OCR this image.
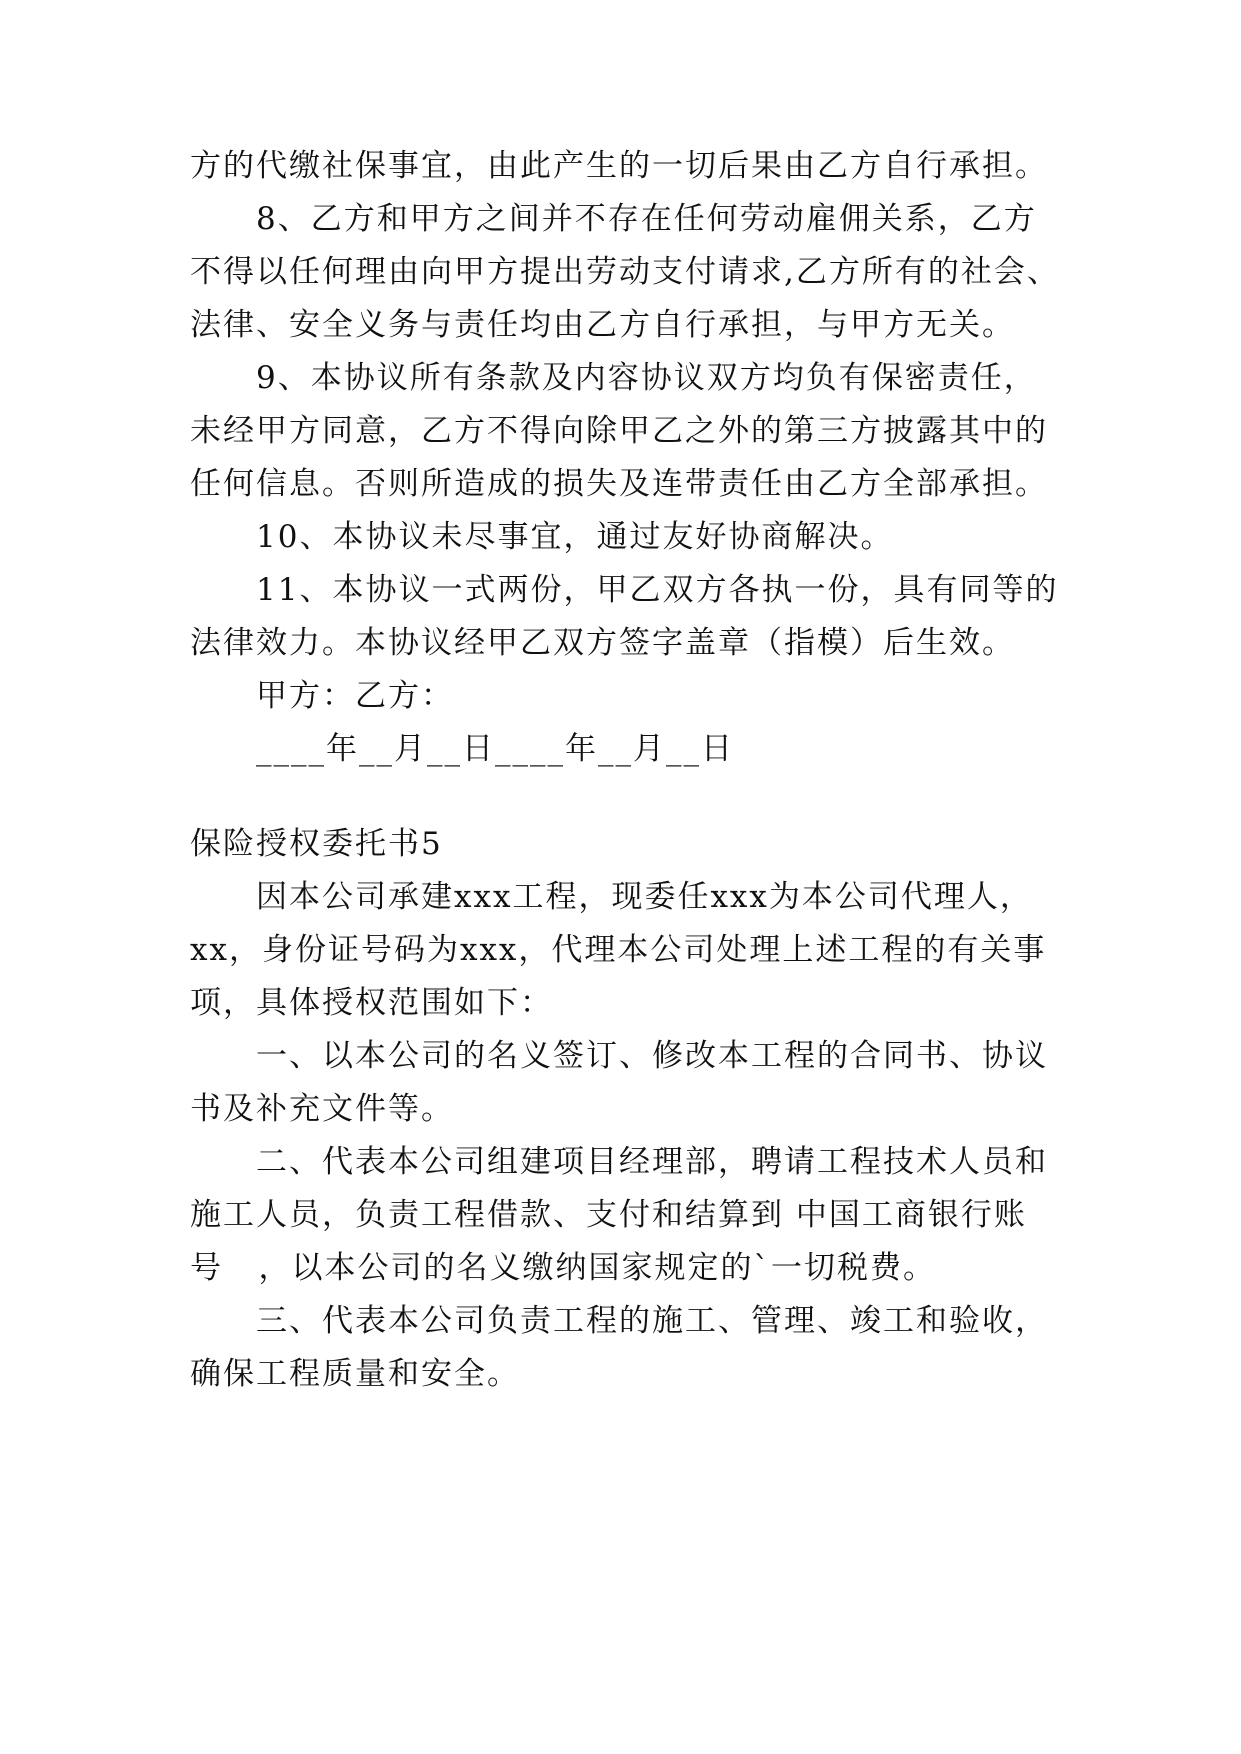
方的代缴社保事宜，由此产生的一切后果由乙方自行承担。
8、乙方和甲方之间并不存在任何劳动雇佣关系，乙方
不得以任何理由向甲方提出劳动支付请求,乙方所有的社会、
法律、安全义务与责任均由乙方自行承担，与甲方无关。
9、本协议所有条款及内容协议双方均负有保密责任，
未经甲方同意，乙方不得向除甲乙之外的第三方披露其中的
任何信息。否则所造成的损失及连带责任由乙方全部承担。
10、本协议未尽事宜，通过友好协商解决。
11、本协议一式两份，甲乙双方各执一份，具有同等的
法律效力。本协议经甲乙双方签字盖章（指模）后生效。
甲方：乙方：
____年__月__日____年__月__日
保险授权委托书5
因本公司承建xxx工程，现委任xxx为本公司代理人，
xx，身份证号码为xxx，代理本公司处理上述工程的有关事
项，具体授权范围如下：
一、以本公司的名义签订、修改本工程的合同书、协议
书及补充文件等。
二、代表本公司组建项目经理部，聘请工程技术人员和
施工人员，负责工程借款、支付和结算到 中国工商银行账
号   ，以本公司的名义缴纳国家规定的`一切税费。
三、代表本公司负责工程的施工、管理、竣工和验收，
确保工程质量和安全。
